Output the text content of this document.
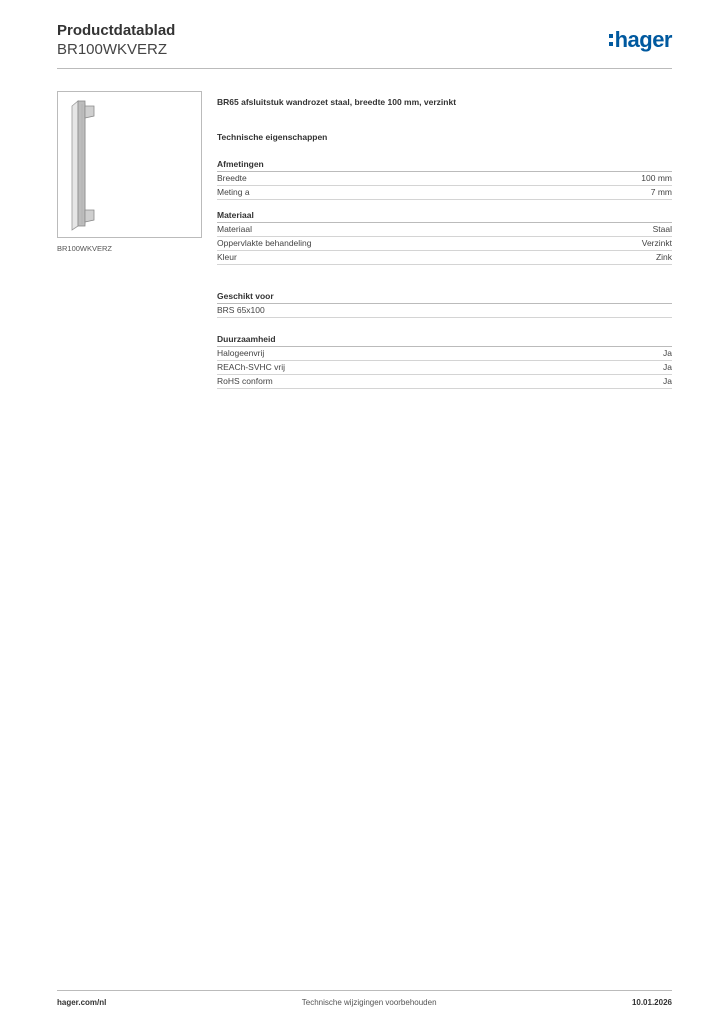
Productdatablad
BR100WKVERZ	hager
BR100WKVERZ
BR65 afsluitstuk wandrozet staal, breedte 100 mm, verzinkt
Technische eigenschappen
Afmetingen
Breedte	100 mm
Meting a	7 mm
Materiaal
Materiaal	Staal
Oppervlakte behandeling	Verzinkt
Kleur	Zink
Geschikt voor
BRS 65x100
Duurzaamheid
Halogeenvrij	Ja
REACh-SVHC vrij	Ja
RoHS conform	Ja
hager.com/nl	Technische wijzigingen voorbehouden	10.01.2026
